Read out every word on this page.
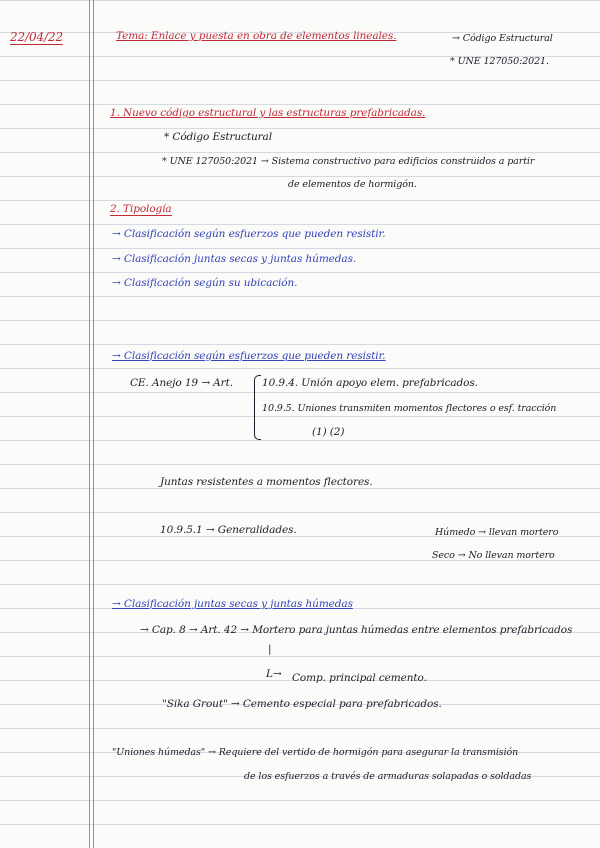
22/04/22	Tema: Enlace y puesta en obra de elementos lineales.	→ Código Estructural
* UNE 127050:2021.
1. Nuevo código estructural y las estructuras prefabricadas.
* Código Estructural
* UNE 127050:2021 → Sistema constructivo para edificios construidos a partir
de elementos de hormigón.
2. Tipología
→ Clasificación según esfuerzos que pueden resistir.
→ Clasificación juntas secas y juntas húmedas.
→ Clasificación según su ubicación.
→ Clasificación según esfuerzos que pueden resistir.
CE. Anejo 19 → Art.	10.9.4. Unión apoyo elem. prefabricados.
10.9.5. Uniones transmiten momentos flectores o esf. tracción
(1) (2)
Juntas resistentes a momentos flectores.
10.9.5.1 → Generalidades.	Húmedo → llevan mortero
Seco → No llevan mortero
→ Clasificación juntas secas y juntas húmedas
→ Cap. 8 → Art. 42 → Mortero para juntas húmedas entre elementos prefabricados
|
L→ Comp. principal cemento.
"Sika Grout" → Cemento especial para prefabricados.
"Uniones húmedas" → Requiere del vertido de hormigón para asegurar la transmisión
de los esfuerzos a través de armaduras solapadas o soldadas
